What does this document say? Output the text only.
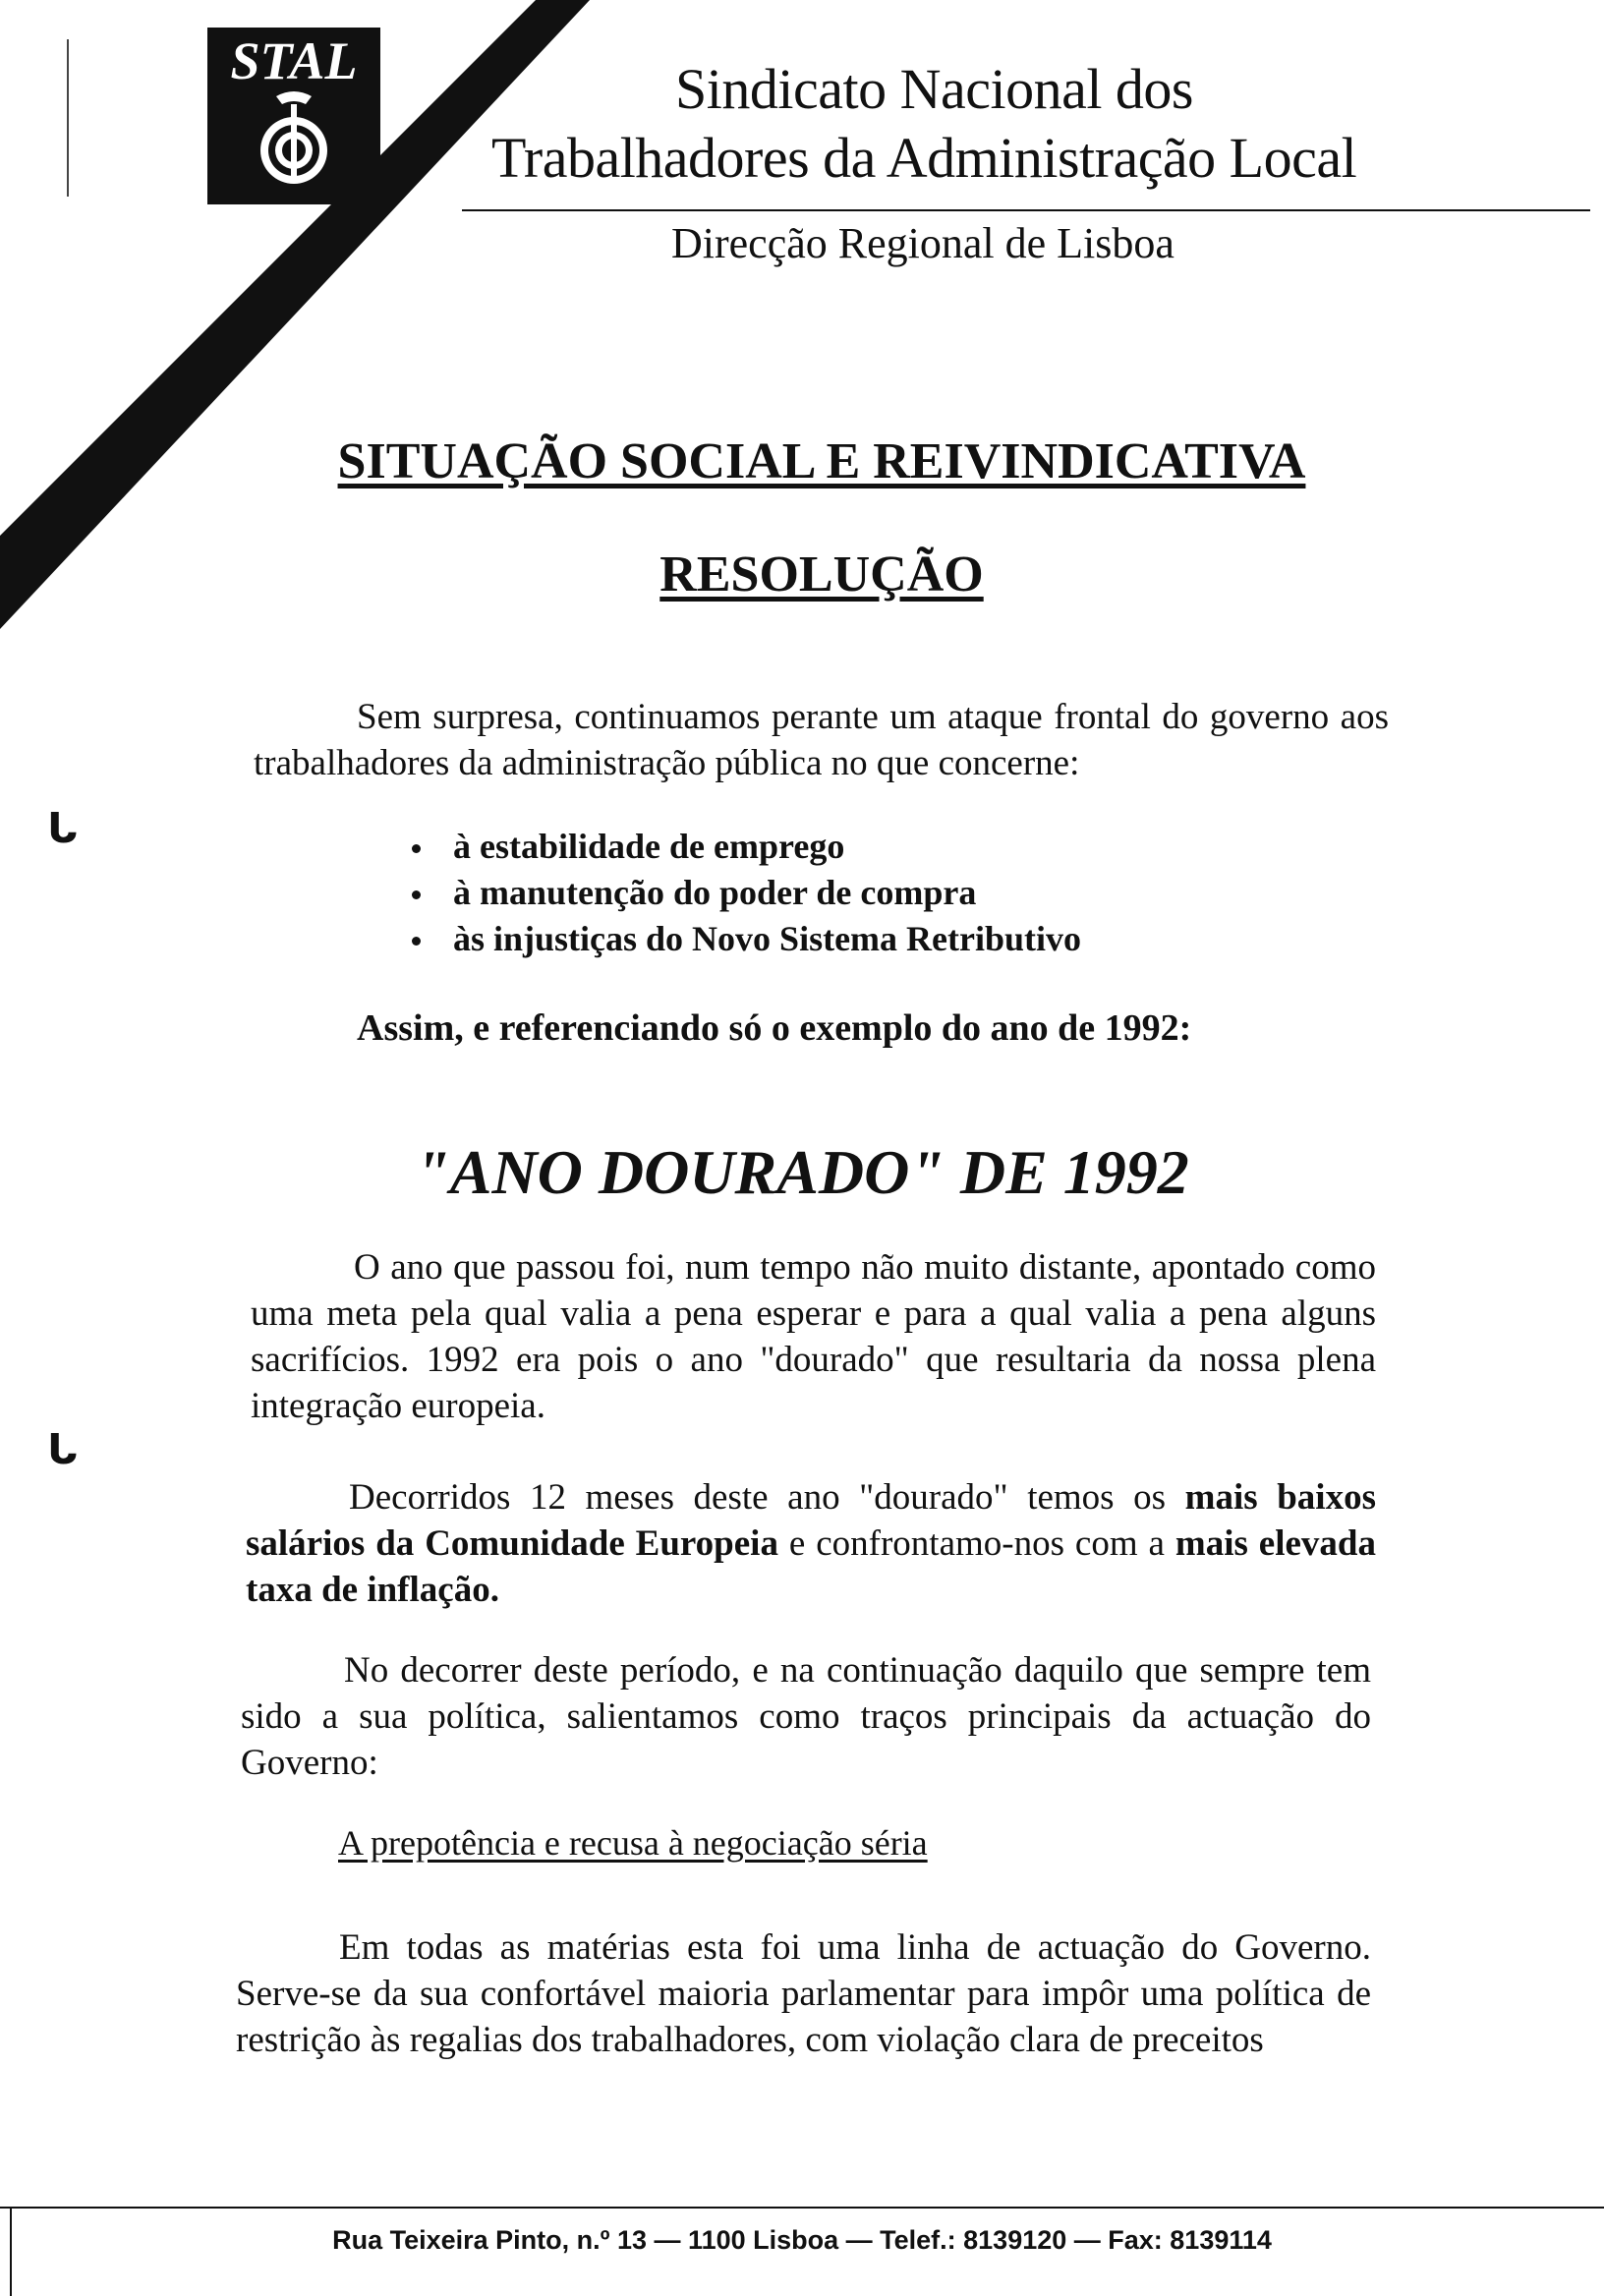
STAL	Sindicato Nacional dos
Trabalhadores da Administração Local
Direcção Regional de Lisboa
SITUAÇÃO SOCIAL E REIVINDICATIVA
RESOLUÇÃO
Sem surpresa, continuamos perante um ataque frontal do governo aos trabalhadores da administração pública no que concerne:
à estabilidade de emprego
à manutenção do poder de compra
às injustiças do Novo Sistema Retributivo
Assim, e referenciando só o exemplo do ano de 1992:
"ANO DOURADO" DE 1992
O ano que passou foi, num tempo não muito distante, apontado como uma meta pela qual valia a pena esperar e para a qual valia a pena alguns sacrifícios. 1992 era pois o ano "dourado" que resultaria da nossa plena integração europeia.
Decorridos 12 meses deste ano "dourado" temos os mais baixos salários da Comunidade Europeia e confrontamo-nos com a mais elevada taxa de inflação.
No decorrer deste período, e na continuação daquilo que sempre tem sido a sua política, salientamos como traços principais da actuação do Governo:
A prepotência e recusa à negociação séria
Em todas as matérias esta foi uma linha de actuação do Governo. Serve-se da sua confortável maioria parlamentar para impôr uma política de restrição às regalias dos trabalhadores, com violação clara de preceitos
ᒐ
ᒐ
Rua Teixeira Pinto, n.º 13 — 1100 Lisboa — Telef.: 8139120 — Fax: 8139114
